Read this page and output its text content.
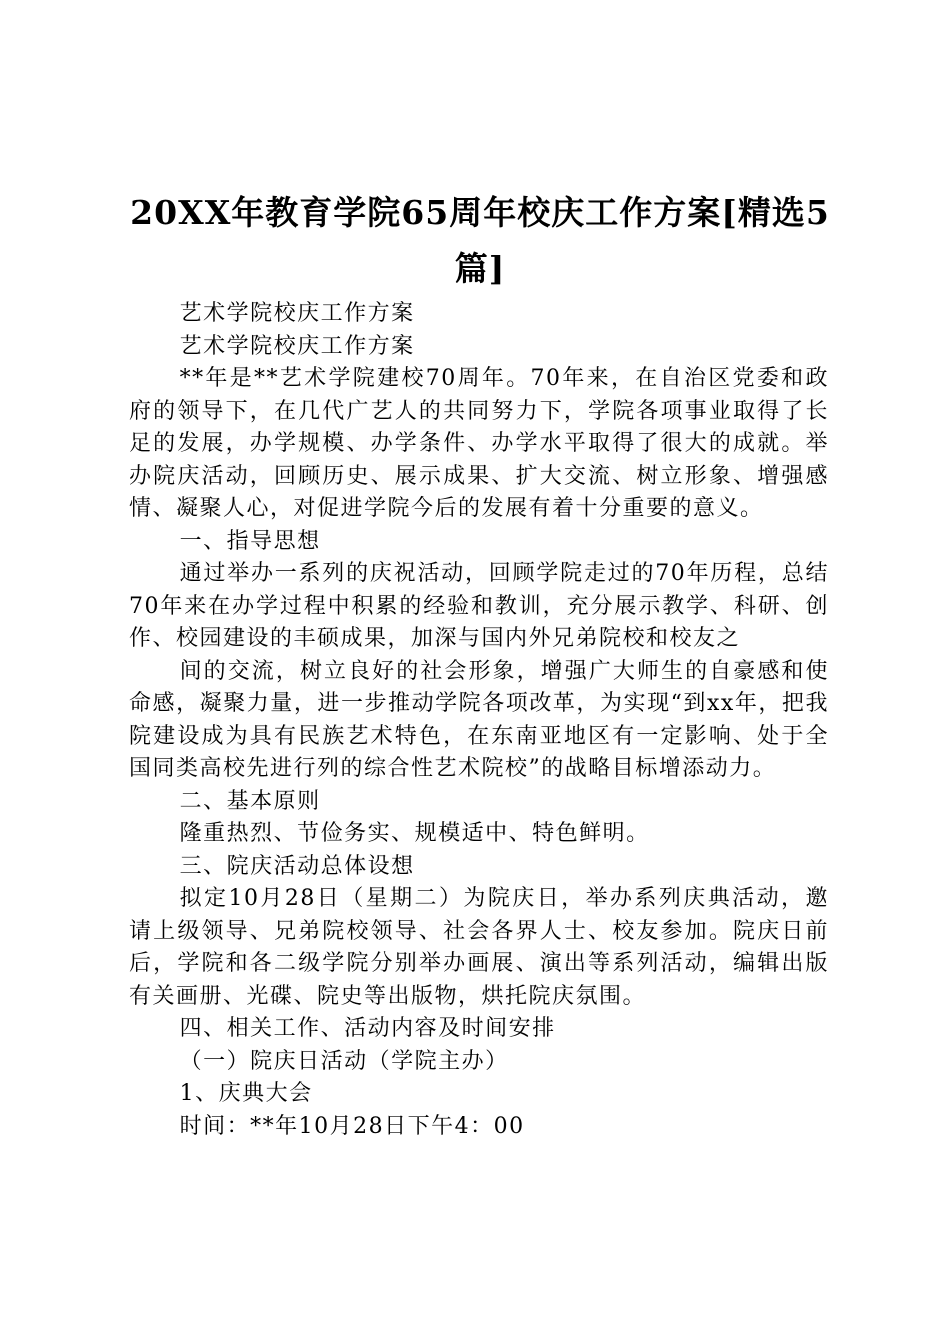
20XX年教育学院65周年校庆工作方案[精选5篇]

艺术学院校庆工作方案

艺术学院校庆工作方案

**年是**艺术学院建校70周年。70年来，在自治区党委和政府的领导下，在几代广艺人的共同努力下，学院各项事业取得了长足的发展，办学规模、办学条件、办学水平取得了很大的成就。举办院庆活动，回顾历史、展示成果、扩大交流、树立形象、增强感情、凝聚人心，对促进学院今后的发展有着十分重要的意义。

一、指导思想

通过举办一系列的庆祝活动，回顾学院走过的70年历程，总结70年来在办学过程中积累的经验和教训，充分展示教学、科研、创作、校园建设的丰硕成果，加深与国内外兄弟院校和校友之

间的交流，树立良好的社会形象，增强广大师生的自豪感和使命感，凝聚力量，进一步推动学院各项改革，为实现“到xx年，把我院建设成为具有民族艺术特色，在东南亚地区有一定影响、处于全国同类高校先进行列的综合性艺术院校”的战略目标增添动力。

二、基本原则

隆重热烈、节俭务实、规模适中、特色鲜明。

三、院庆活动总体设想

拟定10月28日（星期二）为院庆日，举办系列庆典活动，邀请上级领导、兄弟院校领导、社会各界人士、校友参加。院庆日前后，学院和各二级学院分别举办画展、演出等系列活动，编辑出版有关画册、光碟、院史等出版物，烘托院庆氛围。

四、相关工作、活动内容及时间安排

（一）院庆日活动（学院主办）

1、庆典大会

时间：**年10月28日下午4：00
